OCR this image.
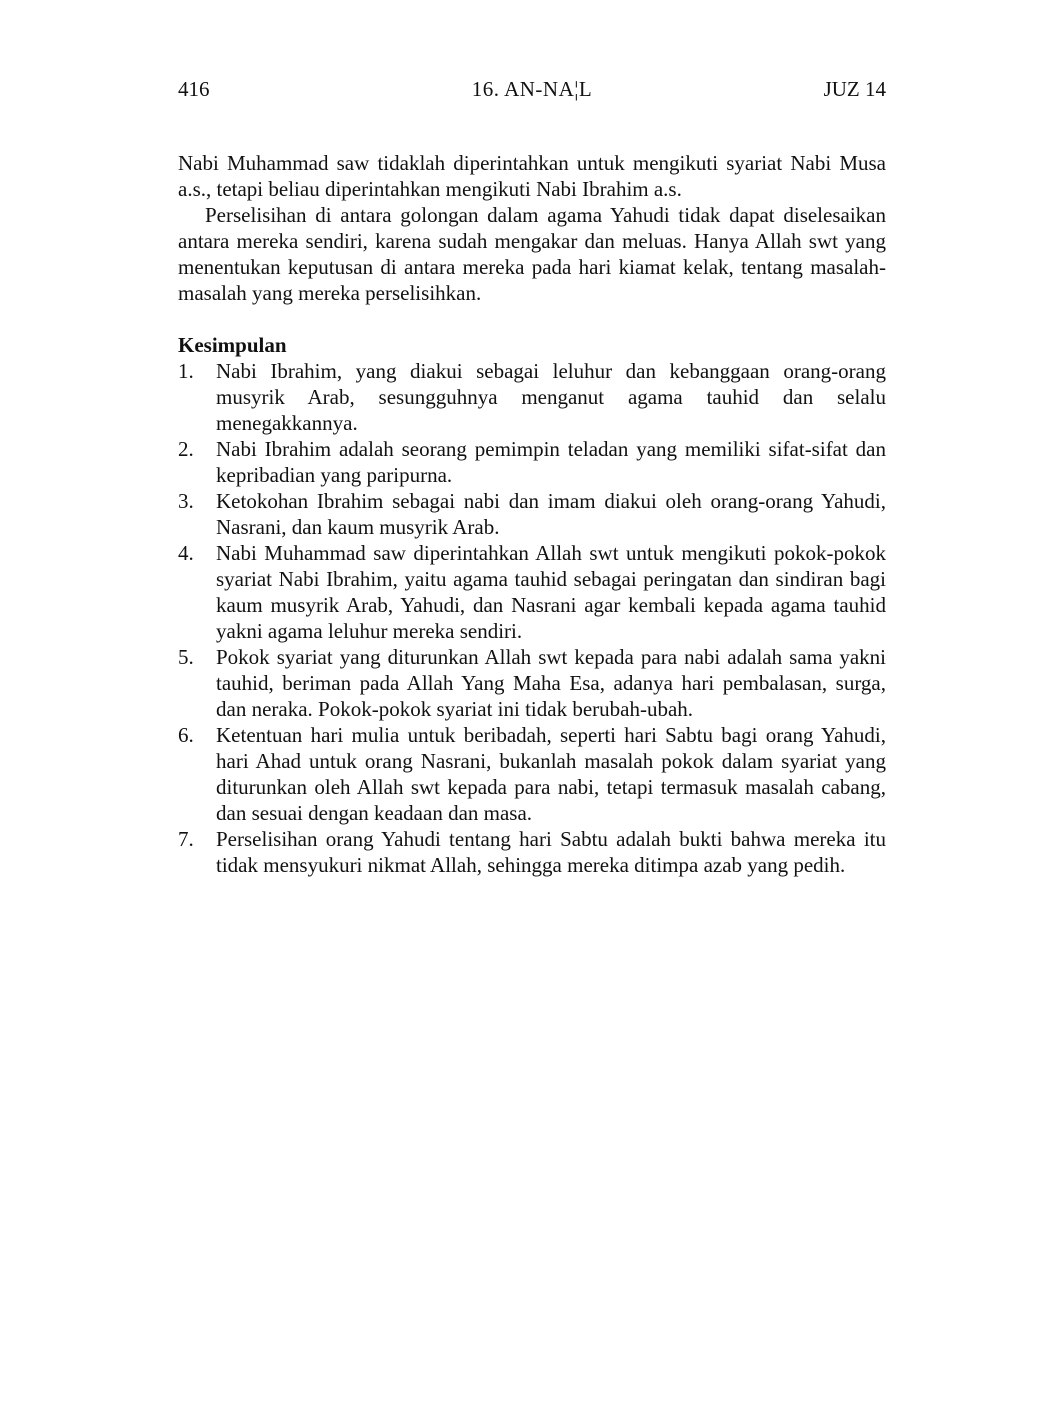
416	16. AN-NA¦L	JUZ 14

Nabi Muhammad saw tidaklah diperintahkan untuk mengikuti syariat Nabi Musa a.s., tetapi beliau diperintahkan mengikuti Nabi Ibrahim a.s.

Perselisihan di antara golongan dalam agama Yahudi tidak dapat diselesaikan antara mereka sendiri, karena sudah mengakar dan meluas. Hanya Allah swt yang menentukan keputusan di antara mereka pada hari kiamat kelak, tentang masalah-masalah yang mereka perselisihkan.

Kesimpulan
1.	Nabi Ibrahim, yang diakui sebagai leluhur dan kebanggaan orang-orang musyrik Arab, sesungguhnya menganut agama tauhid dan selalu menegakkannya.
2.	Nabi Ibrahim adalah seorang pemimpin teladan yang memiliki sifat-sifat dan kepribadian yang paripurna.
3.	Ketokohan Ibrahim sebagai nabi dan imam diakui oleh orang-orang Yahudi, Nasrani, dan kaum musyrik Arab.
4.	Nabi Muhammad saw diperintahkan Allah swt untuk mengikuti pokok-pokok syariat Nabi Ibrahim, yaitu agama tauhid sebagai peringatan dan sindiran bagi kaum musyrik Arab, Yahudi, dan Nasrani agar kembali kepada agama tauhid yakni agama leluhur mereka sendiri.
5.	Pokok syariat yang diturunkan Allah swt kepada para nabi adalah sama yakni tauhid, beriman pada Allah Yang Maha Esa, adanya hari pembalasan, surga, dan neraka. Pokok-pokok syariat ini tidak berubah-ubah.
6.	Ketentuan hari mulia untuk beribadah, seperti hari Sabtu bagi orang Yahudi, hari Ahad untuk orang Nasrani, bukanlah masalah pokok dalam syariat yang diturunkan oleh Allah swt kepada para nabi, tetapi termasuk masalah cabang, dan sesuai dengan keadaan dan masa.
7.	Perselisihan orang Yahudi tentang hari Sabtu adalah bukti bahwa mereka itu tidak mensyukuri nikmat Allah, sehingga mereka ditimpa azab yang pedih.
